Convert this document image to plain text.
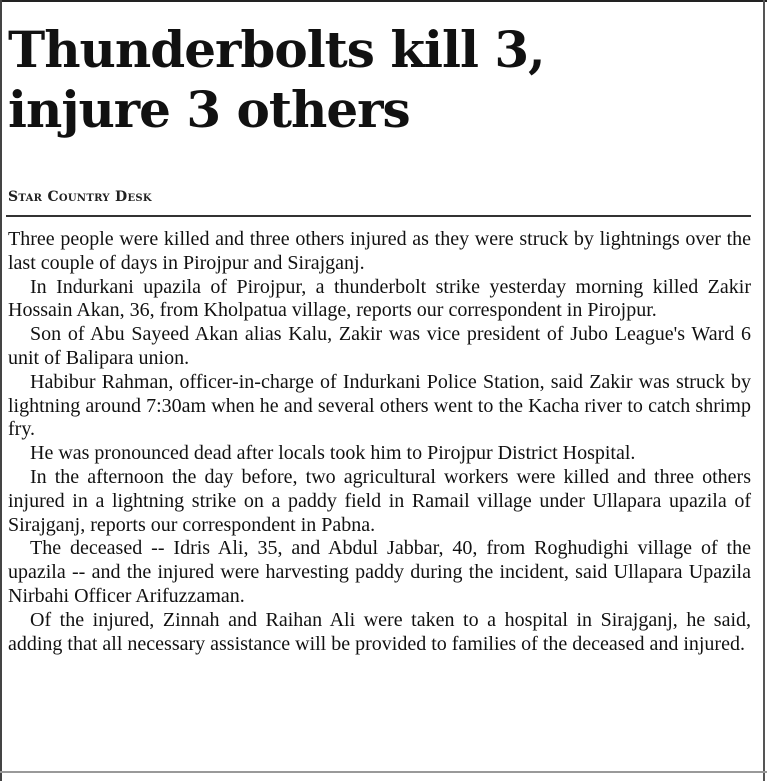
Thunderbolts kill 3,
injure 3 others
Star Country Desk

Three people were killed and three others injured as they were struck by lightnings over the last couple of days in Pirojpur and Sirajganj.

In Indurkani upazila of Pirojpur, a thunderbolt strike yesterday morning killed Zakir Hossain Akan, 36, from Kholpatua village, reports our correspondent in Pirojpur.

Son of Abu Sayeed Akan alias Kalu, Zakir was vice president of Jubo League's Ward 6 unit of Balipara union.

Habibur Rahman, officer-in-charge of Indurkani Police Station, said Zakir was struck by lightning around 7:30am when he and several others went to the Kacha river to catch shrimp fry.

He was pronounced dead after locals took him to Pirojpur District Hospital.

In the afternoon the day before, two agricultural workers were killed and three others injured in a lightning strike on a paddy field in Ramail village under Ullapara upazila of Sirajganj, reports our correspondent in Pabna.

The deceased -- Idris Ali, 35, and Abdul Jabbar, 40, from Roghudighi village of the upazila -- and the injured were harvesting paddy during the incident, said Ullapara Upazila Nirbahi Officer Arifuzzaman.

Of the injured, Zinnah and Raihan Ali were taken to a hospital in Sirajganj, he said, adding that all necessary assistance will be provided to families of the deceased and injured.
